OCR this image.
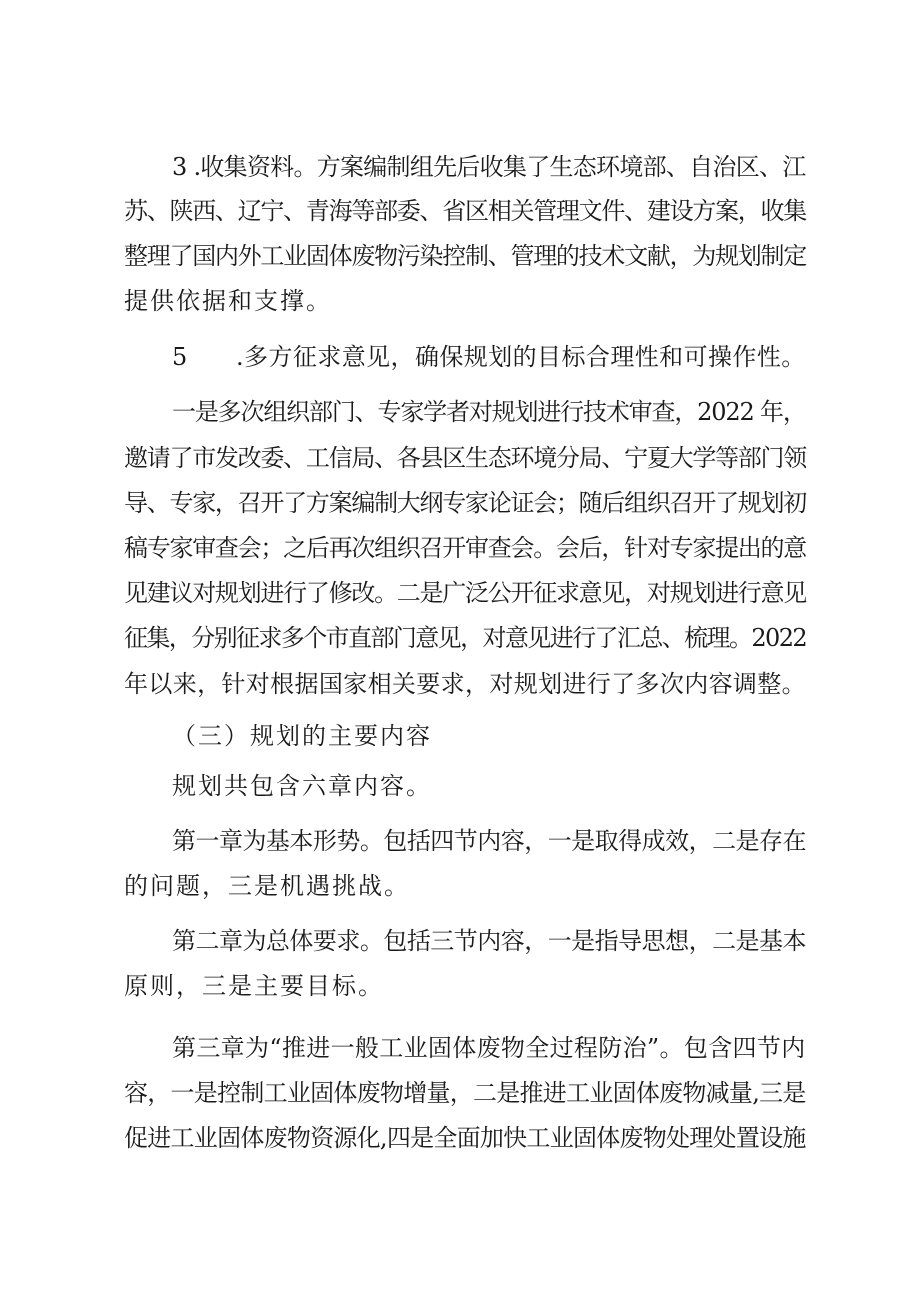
3 .收集资料。方案编制组先后收集了生态环境部、自治区、江
苏、陕西、辽宁、青海等部委、省区相关管理文件、建设方案，收集
整理了国内外工业固体废物污染控制、管理的技术文献，为规划制定
提供依据和支撑。
5      .多方征求意见，确保规划的目标合理性和可操作性。
一是多次组织部门、专家学者对规划进行技术审查，2022 年，
邀请了市发改委、工信局、各县区生态环境分局、宁夏大学等部门领
导、专家，召开了方案编制大纲专家论证会；随后组织召开了规划初
稿专家审查会；之后再次组织召开审查会。会后，针对专家提出的意
见建议对规划进行了修改。二是广泛公开征求意见，对规划进行意见
征集，分别征求多个市直部门意见，对意见进行了汇总、梳理。2022
年以来，针对根据国家相关要求，对规划进行了多次内容调整。
（三）规划的主要内容
规划共包含六章内容。
第一章为基本形势。包括四节内容，一是取得成效，二是存在
的问题，三是机遇挑战。
第二章为总体要求。包括三节内容，一是指导思想，二是基本
原则，三是主要目标。
第三章为“推进一般工业固体废物全过程防治”。包含四节内
容，一是控制工业固体废物增量，二是推进工业固体废物减量,三是
促进工业固体废物资源化,四是全面加快工业固体废物处理处置设施
